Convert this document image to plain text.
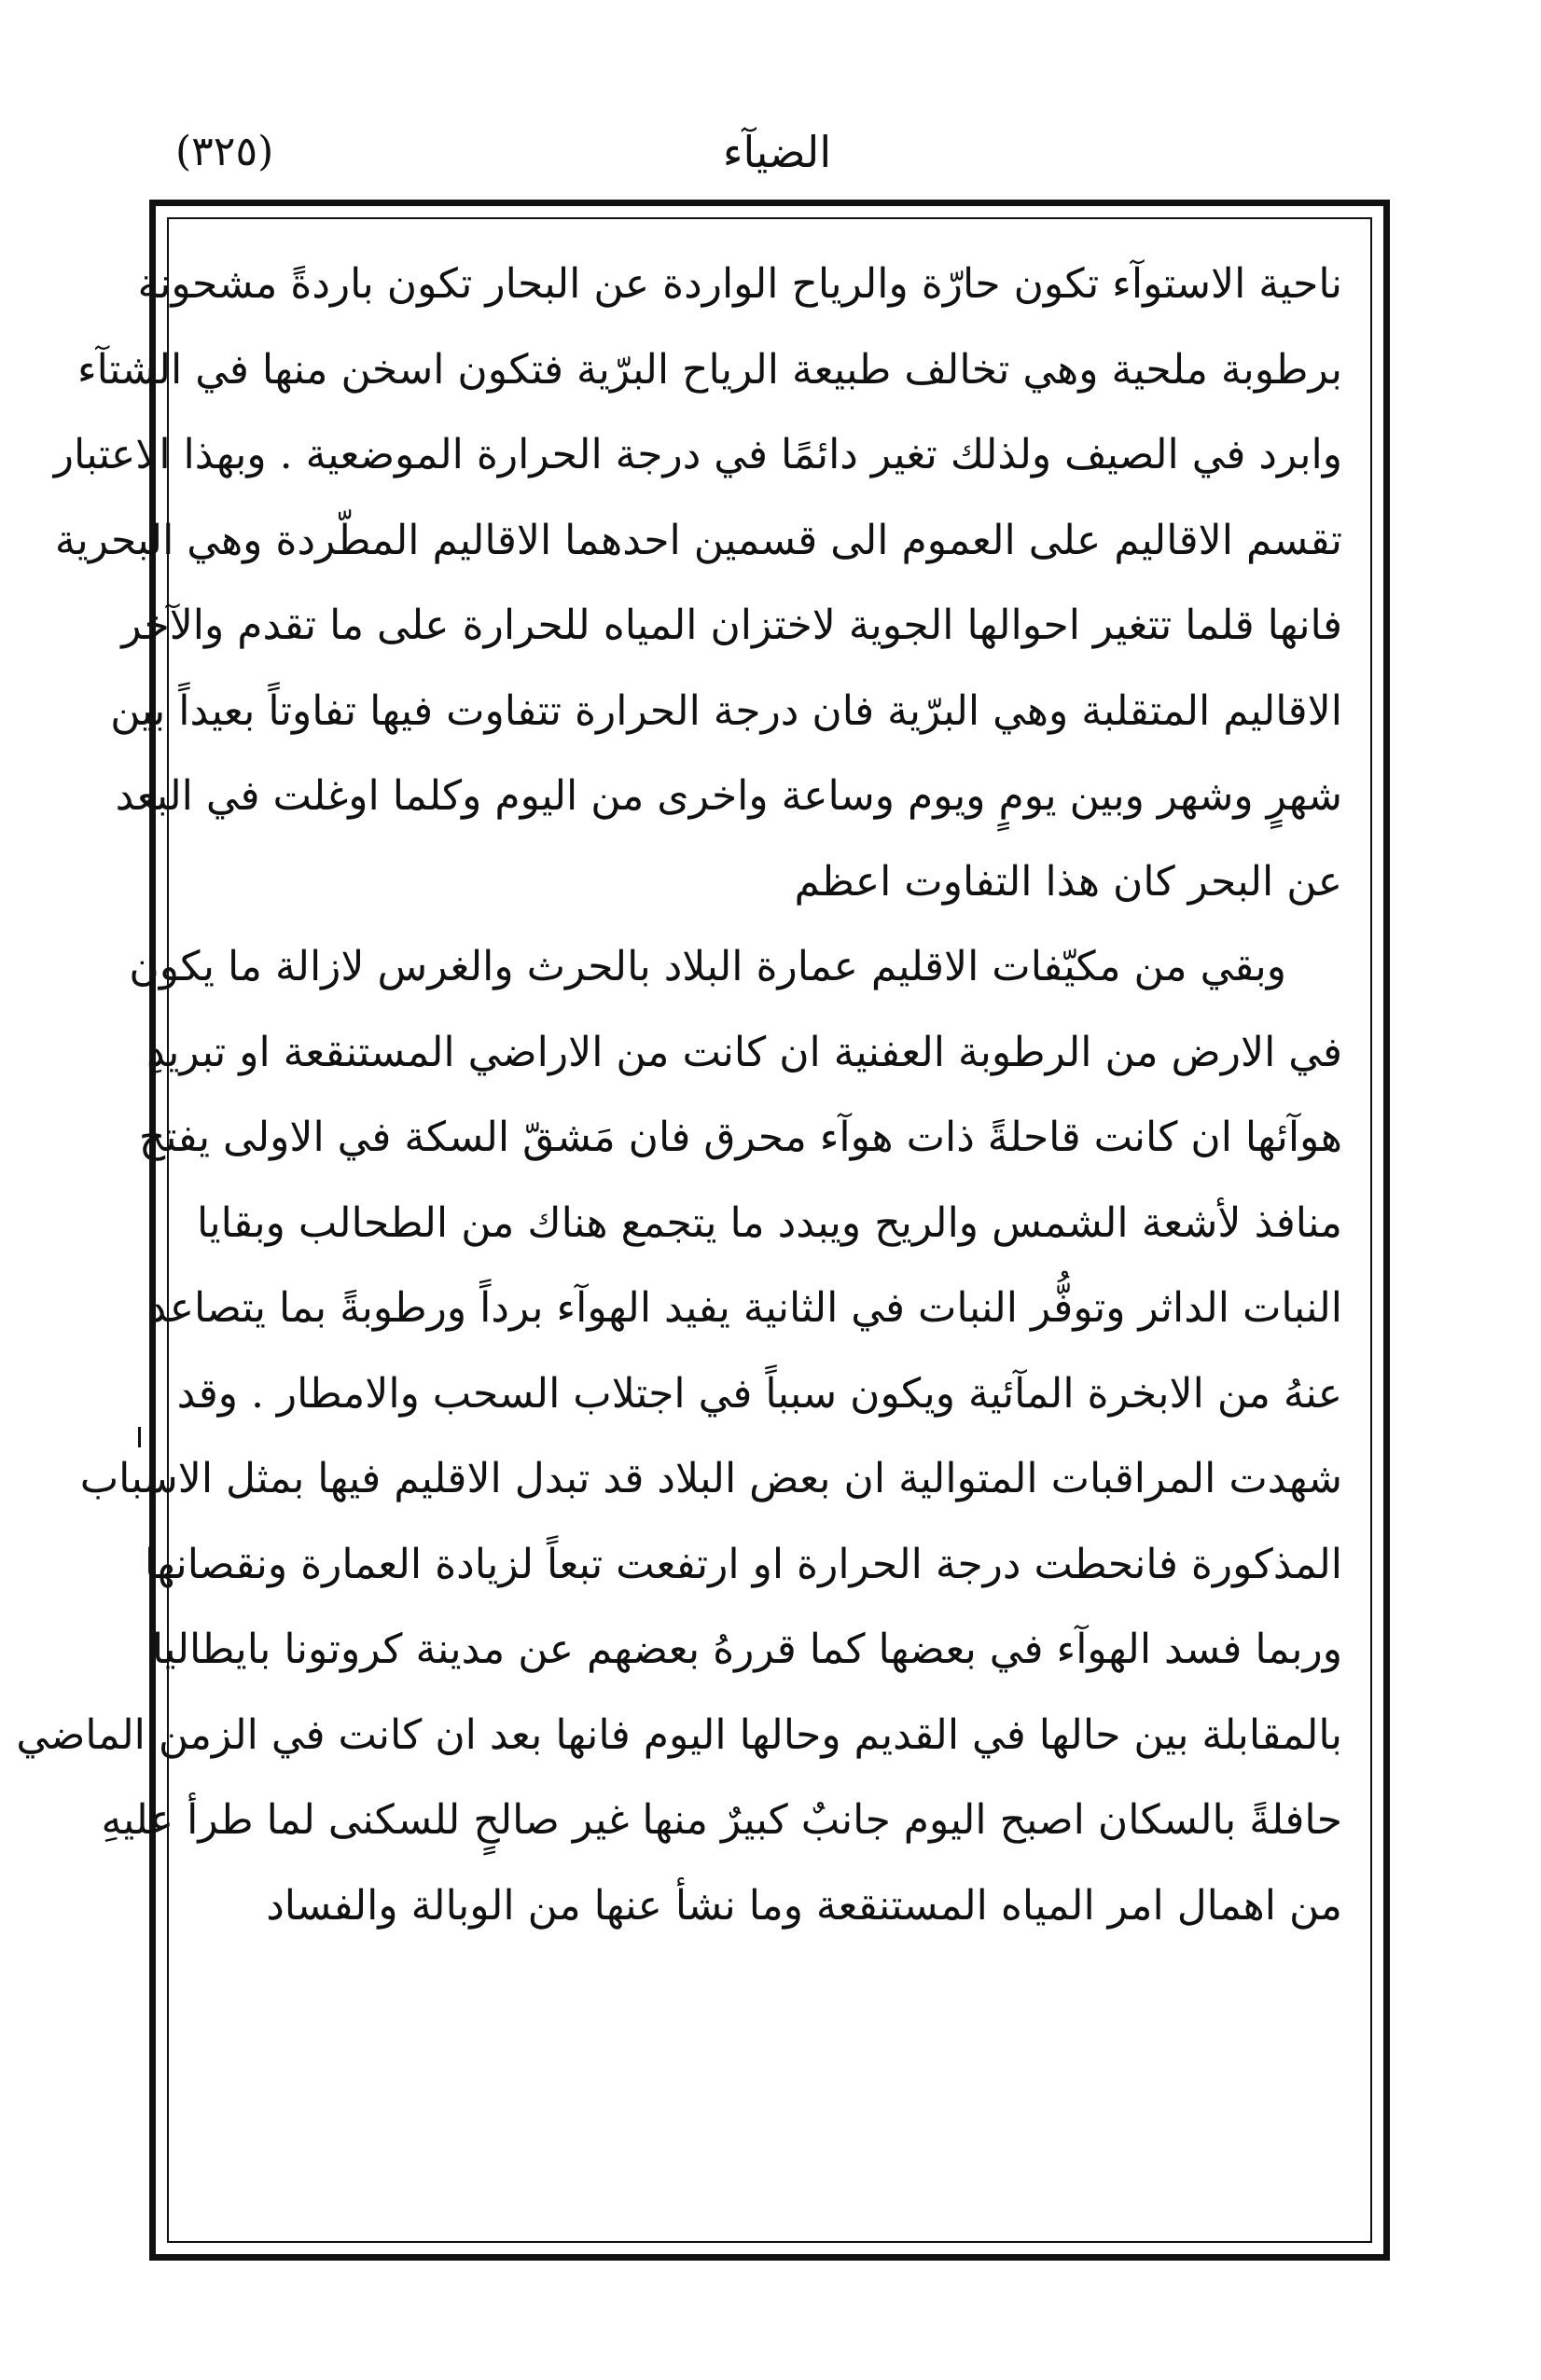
الضيآء
(٣٢٥)
ناحية الاستوآء تكون حارّة والرياح الواردة عن البحار تكون باردةً مشحونة
برطوبة ملحية وهي تخالف طبيعة الرياح البرّية فتكون اسخن منها في الشتآء
وابرد في الصيف ولذلك تغير دائمًا في درجة الحرارة الموضعية . وبهذا الاعتبار
تقسم الاقاليم على العموم الى قسمين احدهما الاقاليم المطّردة وهي البحرية
فانها قلما تتغير احوالها الجوية لاختزان المياه للحرارة على ما تقدم والآخر
الاقاليم المتقلبة وهي البرّية فان درجة الحرارة تتفاوت فيها تفاوتاً بعيداً بين
شهرٍ وشهر وبين يومٍ ويوم وساعة واخرى من اليوم وكلما اوغلت في البعد
عن البحر كان هذا التفاوت اعظم
وبقي من مكيّفات الاقليم عمارة البلاد بالحرث والغرس لازالة ما يكون
في الارض من الرطوبة العفنية ان كانت من الاراضي المستنقعة او تبريدِ
هوآئها ان كانت قاحلةً ذات هوآء محرق فان مَشقّ السكة في الاولى يفتح
منافذ لأشعة الشمس والريح ويبدد ما يتجمع هناك من الطحالب وبقايا
النبات الداثر وتوفُّر النبات في الثانية يفيد الهوآء برداً ورطوبةً بما يتصاعد
عنهُ من الابخرة المآئية ويكون سبباً في اجتلاب السحب والامطار . وقد
شهدت المراقبات المتوالية ان بعض البلاد قد تبدل الاقليم فيها بمثل الاسباب
المذكورة فانحطت درجة الحرارة او ارتفعت تبعاً لزيادة العمارة ونقصانها
وربما فسد الهوآء في بعضها كما قررهُ بعضهم عن مدينة كروتونا بايطاليا
بالمقابلة بين حالها في القديم وحالها اليوم فانها بعد ان كانت في الزمن الماضي
حافلةً بالسكان اصبح اليوم جانبٌ كبيرٌ منها غير صالحٍ للسكنى لما طرأ عليهِ
من اهمال امر المياه المستنقعة وما نشأ عنها من الوبالة والفساد
